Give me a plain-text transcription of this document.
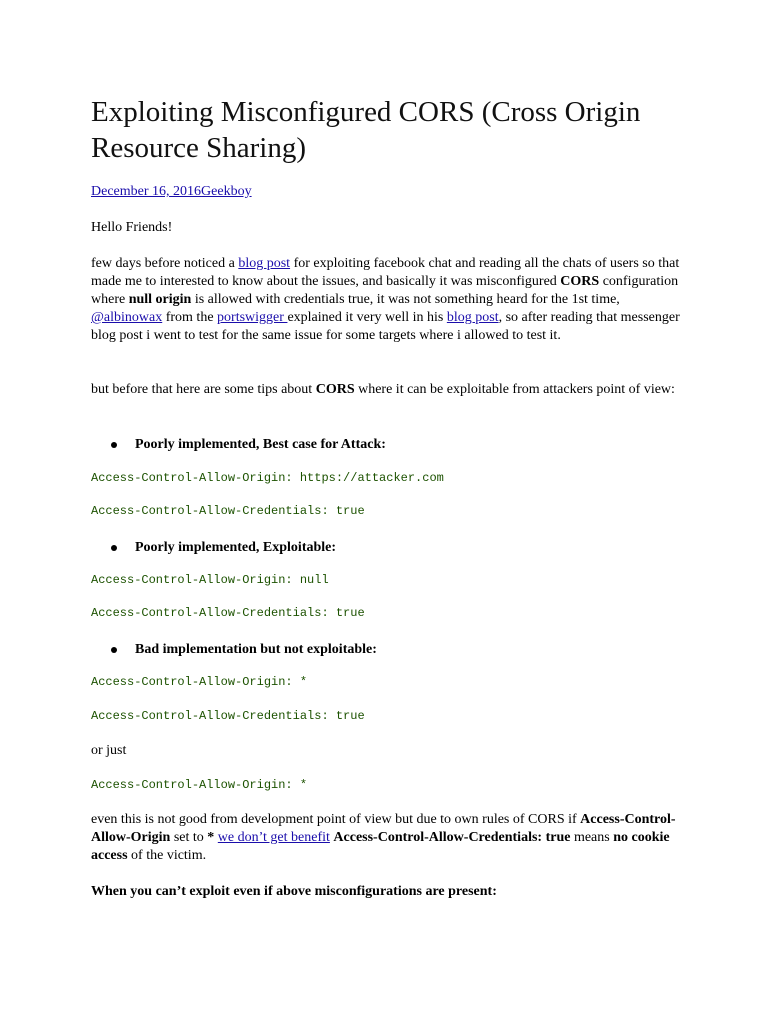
Exploiting Misconfigured CORS (Cross Origin Resource Sharing)
December 16, 2016Geekboy

Hello Friends!

few days before noticed a blog post for exploiting facebook chat and reading all the chats of users so that made me to interested to know about the issues, and basically it was misconfigured CORS configuration where null origin is allowed with credentials true, it was not something heard for the 1st time, @albinowax from the portswigger explained it very well in his blog post, so after reading that messenger blog post i went to test for the same issue for some targets where i allowed to test it.

but before that here are some tips about CORS where it can be exploitable from attackers point of view:

Poorly implemented, Best case for Attack:
Access-Control-Allow-Origin: https://attacker.com
Access-Control-Allow-Credentials: true
Poorly implemented, Exploitable:
Access-Control-Allow-Origin: null
Access-Control-Allow-Credentials: true
Bad implementation but not exploitable:
Access-Control-Allow-Origin: *
Access-Control-Allow-Credentials: true

or just

Access-Control-Allow-Origin: *

even this is not good from development point of view but due to own rules of CORS if Access-Control-Allow-Origin set to * we don’t get benefit Access-Control-Allow-Credentials: true means no cookie access of the victim.

When you can’t exploit even if above misconfigurations are present:
